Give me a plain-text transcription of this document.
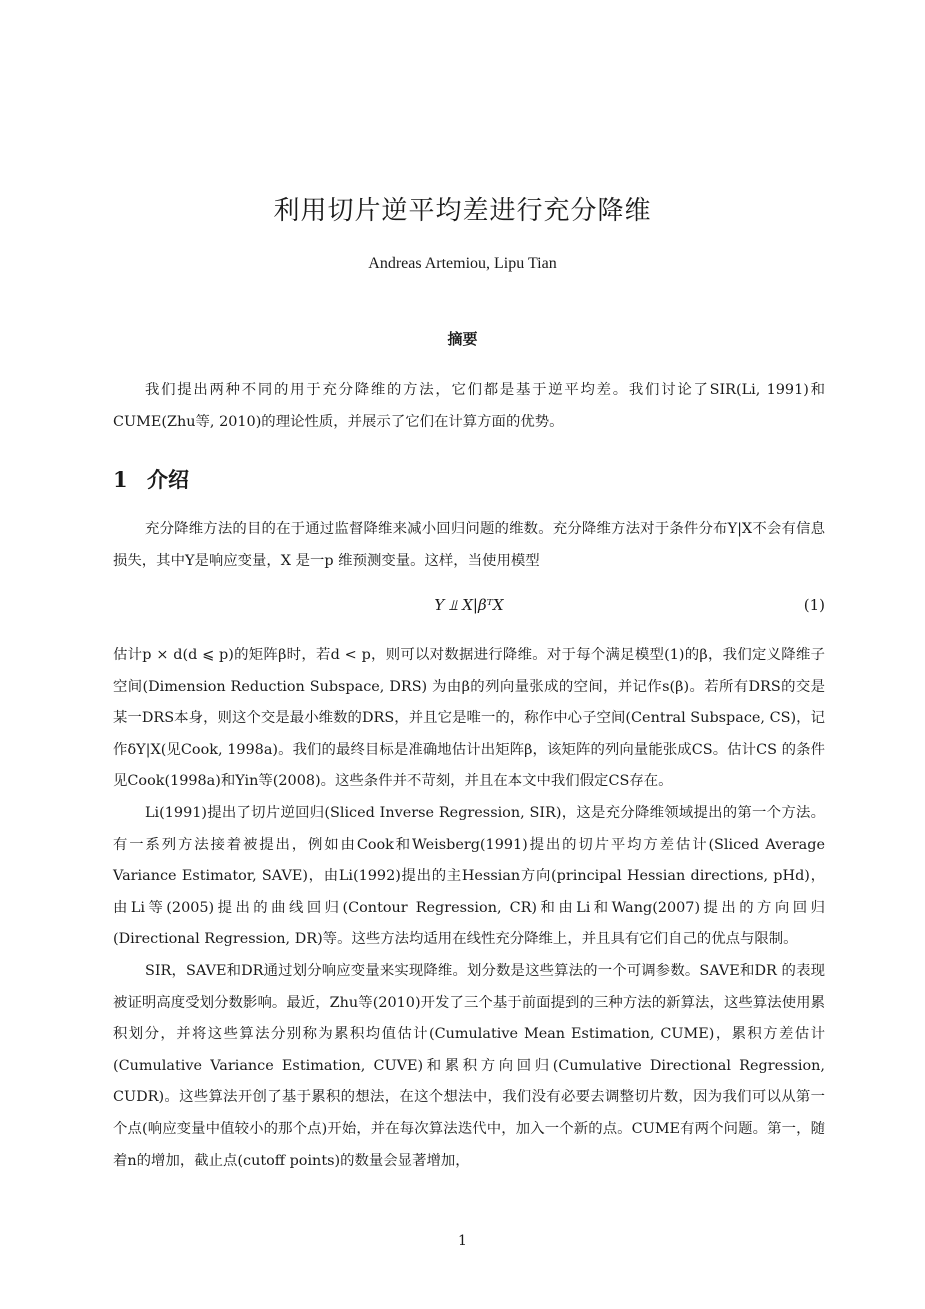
利用切片逆平均差进行充分降维
Andreas Artemiou, Lipu Tian
摘要
我们提出两种不同的用于充分降维的方法，它们都是基于逆平均差。我们讨论了SIR(Li, 1991)和CUME(Zhu等, 2010)的理论性质，并展示了它们在计算方面的优势。
1 介绍

充分降维方法的目的在于通过监督降维来减小回归问题的维数。充分降维方法对于条件分布Y|X不会有信息损失，其中Y是响应变量，X 是一p 维预测变量。这样，当使用模型

Y ⫫ X|βᵀX	(1)

估计p × d(d ⩽ p)的矩阵β时，若d < p，则可以对数据进行降维。对于每个满足模型(1)的β，我们定义降维子空间(Dimension Reduction Subspace, DRS) 为由β的列向量张成的空间，并记作s(β)。若所有DRS的交是某一DRS本身，则这个交是最小维数的DRS，并且它是唯一的，称作中心子空间(Central Subspace, CS)，记作δY|X(见Cook, 1998a)。我们的最终目标是准确地估计出矩阵β，该矩阵的列向量能张成CS。估计CS 的条件见Cook(1998a)和Yin等(2008)。这些条件并不苛刻，并且在本文中我们假定CS存在。

Li(1991)提出了切片逆回归(Sliced Inverse Regression, SIR)，这是充分降维领域提出的第一个方法。有一系列方法接着被提出，例如由Cook和Weisberg(1991)提出的切片平均方差估计(Sliced Average Variance Estimator, SAVE)，由Li(1992)提出的主Hessian方向(principal Hessian directions, pHd)，由Li等(2005)提出的曲线回归(Contour Regression, CR)和由Li和Wang(2007)提出的方向回归(Directional Regression, DR)等。这些方法均适用在线性充分降维上，并且具有它们自己的优点与限制。

SIR，SAVE和DR通过划分响应变量来实现降维。划分数是这些算法的一个可调参数。SAVE和DR 的表现被证明高度受划分数影响。最近，Zhu等(2010)开发了三个基于前面提到的三种方法的新算法，这些算法使用累积划分，并将这些算法分别称为累积均值估计(Cumulative Mean Estimation, CUME)，累积方差估计(Cumulative Variance Estimation, CUVE)和累积方向回归(Cumulative Directional Regression, CUDR)。这些算法开创了基于累积的想法，在这个想法中，我们没有必要去调整切片数，因为我们可以从第一个点(响应变量中值较小的那个点)开始，并在每次算法迭代中，加入一个新的点。CUME有两个问题。第一，随着n的增加，截止点(cutoff points)的数量会显著增加，

1
